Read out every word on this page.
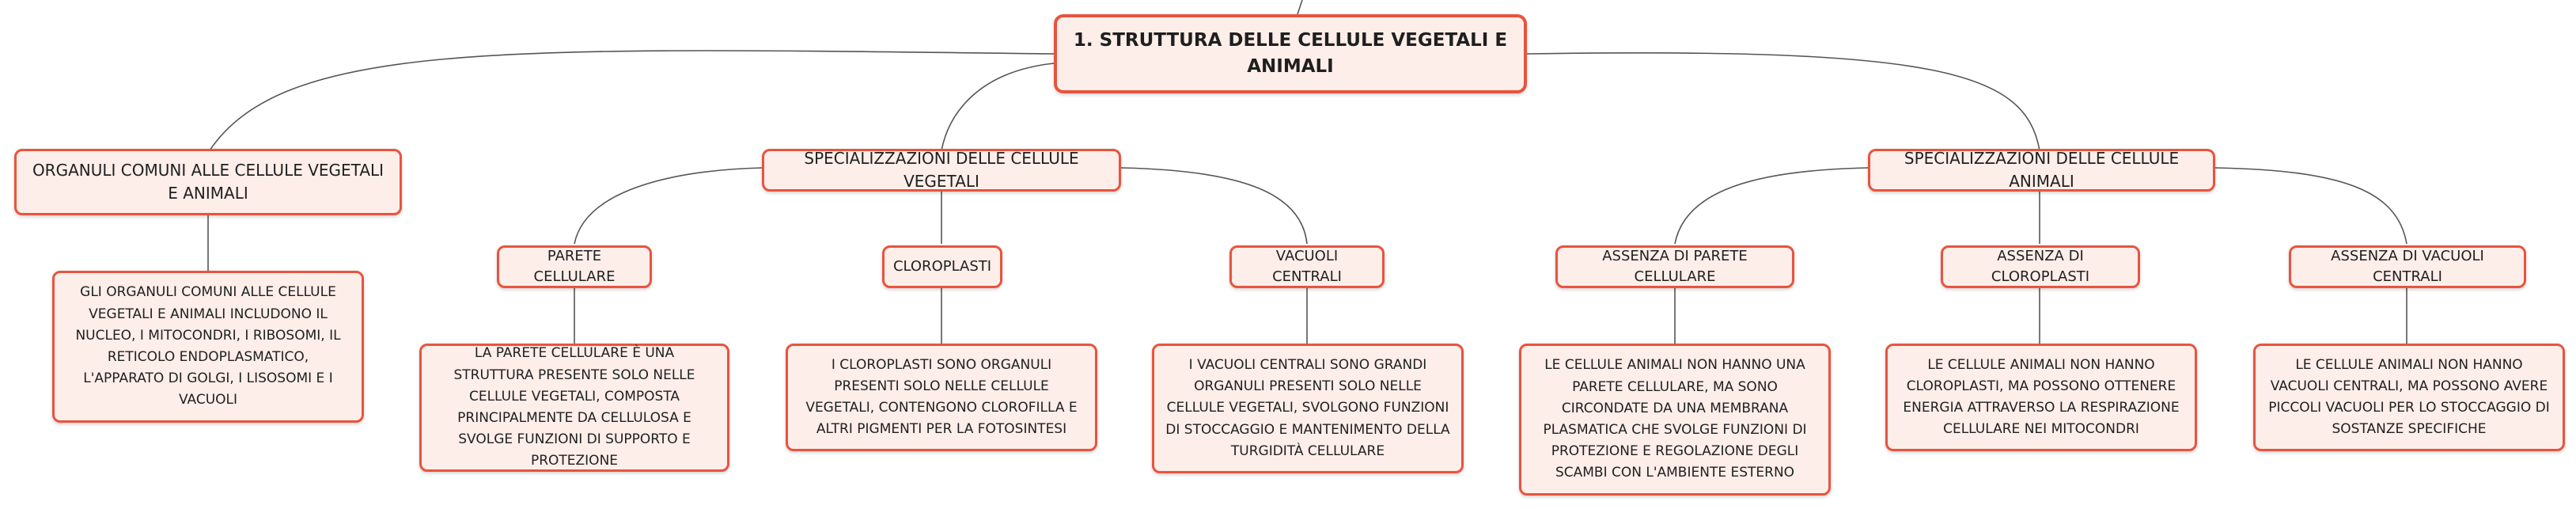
1. STRUTTURA DELLE CELLULE VEGETALI E ANIMALI
ORGANULI COMUNI ALLE CELLULE VEGETALI E ANIMALI
GLI ORGANULI COMUNI ALLE CELLULE VEGETALI E ANIMALI INCLUDONO IL NUCLEO, I MITOCONDRI, I RIBOSOMI, IL RETICOLO ENDOPLASMATICO, L'APPARATO DI GOLGI, I LISOSOMI E I VACUOLI
SPECIALIZZAZIONI DELLE CELLULE VEGETALI
PARETE CELLULARE
LA PARETE CELLULARE È UNA STRUTTURA PRESENTE SOLO NELLE CELLULE VEGETALI, COMPOSTA PRINCIPALMENTE DA CELLULOSA E SVOLGE FUNZIONI DI SUPPORTO E PROTEZIONE
CLOROPLASTI
I CLOROPLASTI SONO ORGANULI PRESENTI SOLO NELLE CELLULE VEGETALI, CONTENGONO CLOROFILLA E ALTRI PIGMENTI PER LA FOTOSINTESI
VACUOLI CENTRALI
I VACUOLI CENTRALI SONO GRANDI ORGANULI PRESENTI SOLO NELLE CELLULE VEGETALI, SVOLGONO FUNZIONI DI STOCCAGGIO E MANTENIMENTO DELLA TURGIDITÀ CELLULARE
SPECIALIZZAZIONI DELLE CELLULE ANIMALI
ASSENZA DI PARETE CELLULARE
LE CELLULE ANIMALI NON HANNO UNA PARETE CELLULARE, MA SONO CIRCONDATE DA UNA MEMBRANA PLASMATICA CHE SVOLGE FUNZIONI DI PROTEZIONE E REGOLAZIONE DEGLI SCAMBI CON L'AMBIENTE ESTERNO
ASSENZA DI CLOROPLASTI
LE CELLULE ANIMALI NON HANNO CLOROPLASTI, MA POSSONO OTTENERE ENERGIA ATTRAVERSO LA RESPIRAZIONE CELLULARE NEI MITOCONDRI
ASSENZA DI VACUOLI CENTRALI
LE CELLULE ANIMALI NON HANNO VACUOLI CENTRALI, MA POSSONO AVERE PICCOLI VACUOLI PER LO STOCCAGGIO DI SOSTANZE SPECIFICHE
